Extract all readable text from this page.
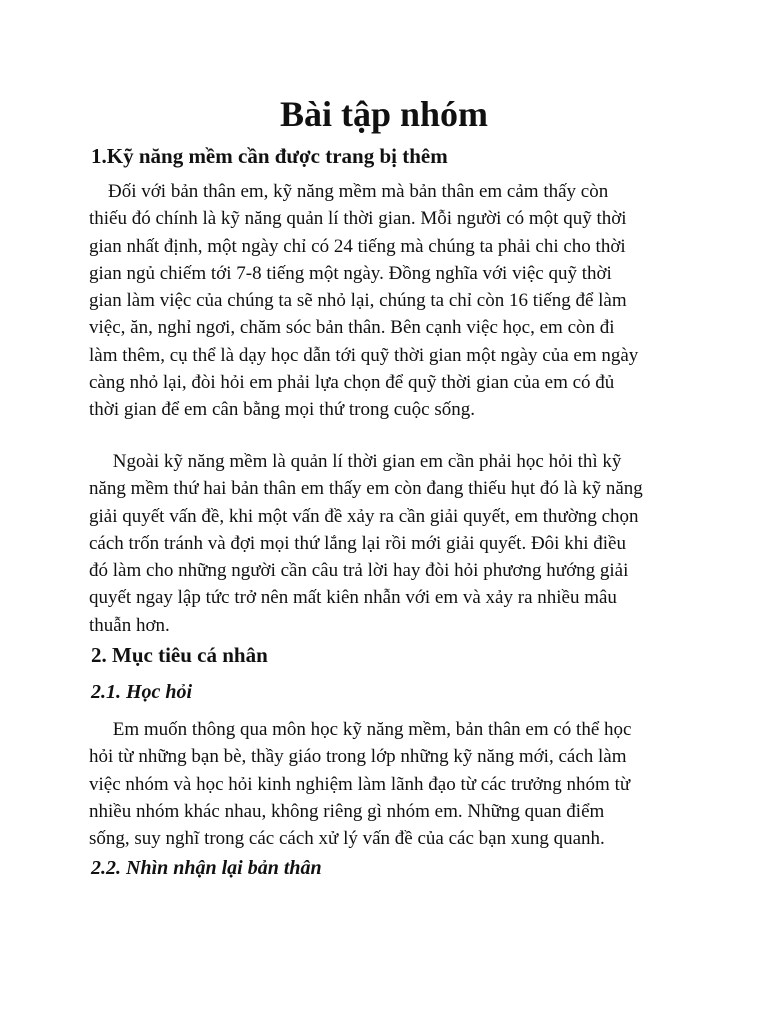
Bài tập nhóm
1.Kỹ năng mềm cần được trang bị thêm
Đối với bản thân em, kỹ năng mềm mà bản thân em cảm thấy còn
thiếu đó chính là kỹ năng quản lí thời gian. Mỗi người có một quỹ thời
gian nhất định, một ngày chỉ có 24 tiếng mà chúng ta phải chi cho thời
gian ngủ chiếm tới 7-8 tiếng một ngày. Đồng nghĩa với việc quỹ thời
gian làm việc của chúng ta sẽ nhỏ lại, chúng ta chỉ còn 16 tiếng để làm
việc, ăn, nghỉ ngơi, chăm sóc bản thân. Bên cạnh việc học, em còn đi
làm thêm, cụ thể là dạy học dẫn tới quỹ thời gian một ngày của em ngày
càng nhỏ lại, đòi hỏi em phải lựa chọn để quỹ thời gian của em có đủ
thời gian để em cân bằng mọi thứ trong cuộc sống.
Ngoài kỹ năng mềm là quản lí thời gian em cần phải học hỏi thì kỹ
năng mềm thứ hai bản thân em thấy em còn đang thiếu hụt đó là kỹ năng
giải quyết vấn đề, khi một vấn đề xảy ra cần giải quyết, em thường chọn
cách trốn tránh và đợi mọi thứ lắng lại rồi mới giải quyết. Đôi khi điều
đó làm cho những người cần câu trả lời hay đòi hỏi phương hướng giải
quyết ngay lập tức trở nên mất kiên nhẫn với em và xảy ra nhiều mâu
thuẫn hơn.
2. Mục tiêu cá nhân
2.1. Học hỏi
Em muốn thông qua môn học kỹ năng mềm, bản thân em có thể học
hỏi từ những bạn bè, thầy giáo trong lớp những kỹ năng mới, cách làm
việc nhóm và học hỏi kinh nghiệm làm lãnh đạo từ các trưởng nhóm từ
nhiều nhóm khác nhau, không riêng gì nhóm em. Những quan điểm
sống, suy nghĩ trong các cách xử lý vấn đề của các bạn xung quanh.
2.2. Nhìn nhận lại bản thân
